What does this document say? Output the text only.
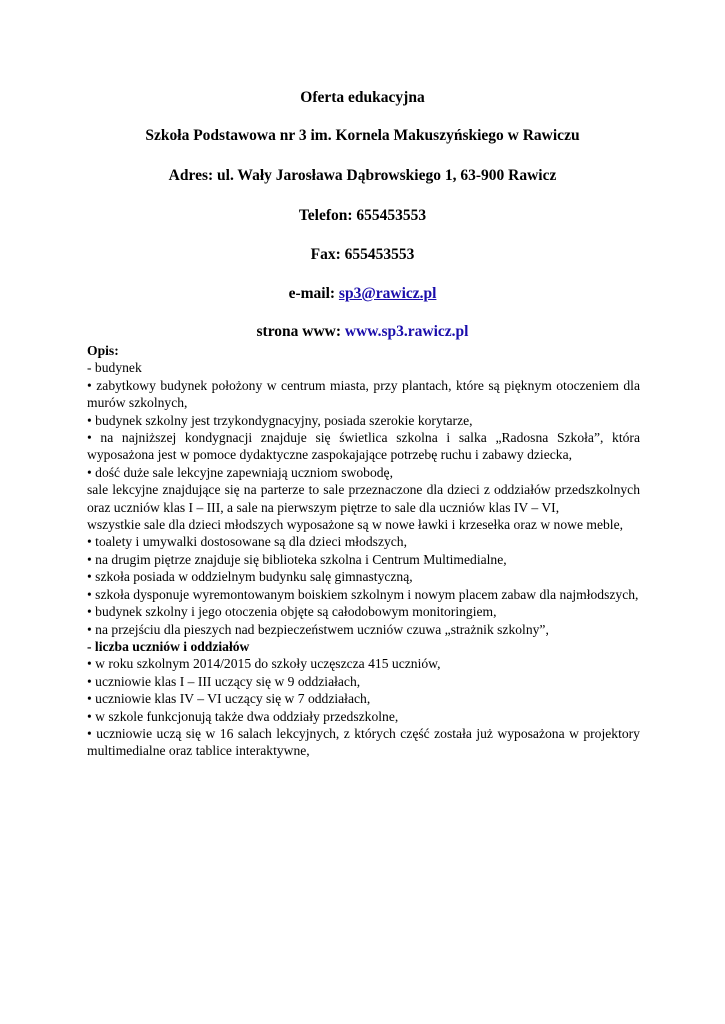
Oferta edukacyjna
Szkoła Podstawowa nr 3 im. Kornela Makuszyńskiego w Rawiczu
Adres: ul. Wały Jarosława Dąbrowskiego 1, 63-900 Rawicz
Telefon: 655453553
Fax: 655453553
e-mail: sp3@rawicz.pl
strona www: www.sp3.rawicz.pl

Opis:

- budynek

• zabytkowy budynek położony w centrum miasta, przy plantach, które są pięknym otoczeniem dla murów szkolnych,

• budynek szkolny jest trzykondygnacyjny, posiada szerokie korytarze,

• na najniższej kondygnacji znajduje się świetlica szkolna i salka „Radosna Szkoła”, która wyposażona jest w pomoce dydaktyczne zaspokajające potrzebę ruchu i zabawy dziecka,

• dość duże sale lekcyjne zapewniają uczniom swobodę,

sale lekcyjne znajdujące się na parterze to sale przeznaczone dla dzieci z oddziałów przedszkolnych oraz uczniów klas I – III, a sale na pierwszym piętrze to sale dla uczniów klas IV – VI,

wszystkie sale dla dzieci młodszych wyposażone są w nowe ławki i krzesełka oraz w nowe meble,

• toalety i umywalki dostosowane są dla dzieci młodszych,

• na drugim piętrze znajduje się biblioteka szkolna i Centrum Multimedialne,

• szkoła posiada w oddzielnym budynku salę gimnastyczną,

• szkoła dysponuje wyremontowanym boiskiem szkolnym i nowym placem zabaw dla najmłodszych,

• budynek szkolny i jego otoczenia objęte są całodobowym monitoringiem,

• na przejściu dla pieszych nad bezpieczeństwem uczniów czuwa „strażnik szkolny”,

- liczba uczniów i oddziałów

• w roku szkolnym 2014/2015 do szkoły uczęszcza 415 uczniów,

• uczniowie klas I – III uczący się w 9 oddziałach,

• uczniowie klas IV – VI uczący się w 7 oddziałach,

• w szkole funkcjonują także dwa oddziały przedszkolne,

• uczniowie uczą się w 16 salach lekcyjnych, z których część została już wyposażona w projektory multimedialne oraz tablice interaktywne,
